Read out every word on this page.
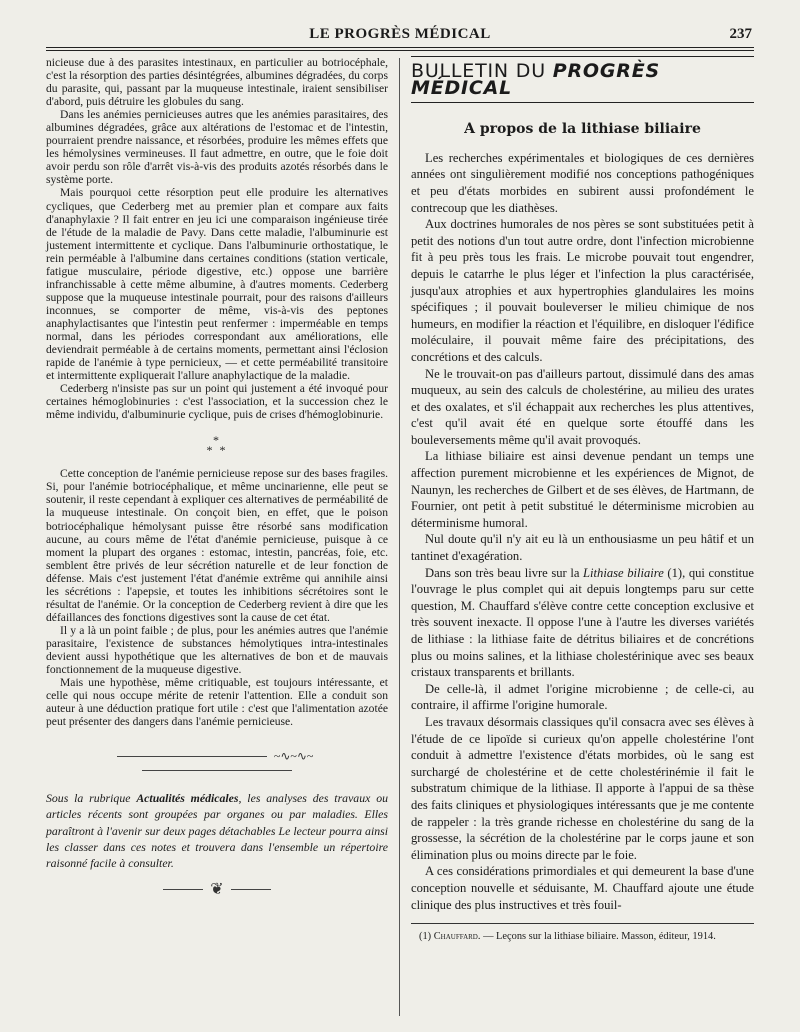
LE PROGRÈS MÉDICAL	237

nicieuse due à des parasites intestinaux, en particulier au botriocéphale, c'est la résorption des parties désintégrées, albumines dégradées, du corps du parasite, qui, passant par la muqueuse intestinale, iraient sensibiliser d'abord, puis détruire les globules du sang.

Dans les anémies pernicieuses autres que les anémies parasitaires, des albumines dégradées, grâce aux altérations de l'estomac et de l'intestin, pourraient prendre naissance, et résorbées, produire les mêmes effets que les hémolysines vermineuses. Il faut admettre, en outre, que le foie doit avoir perdu son rôle d'arrêt vis-à-vis des produits azotés résorbés dans le système porte.

Mais pourquoi cette résorption peut elle produire les alternatives cycliques, que Cederberg met au premier plan et compare aux faits d'anaphylaxie ? Il fait entrer en jeu ici une comparaison ingénieuse tirée de l'étude de la maladie de Pavy. Dans cette maladie, l'albuminurie est justement intermittente et cyclique. Dans l'albuminurie orthostatique, le rein perméable à l'albumine dans certaines conditions (station verticale, fatigue musculaire, période digestive, etc.) oppose une barrière infranchissable à cette même albumine, à d'autres moments. Cederberg suppose que la muqueuse intestinale pourrait, pour des raisons d'ailleurs inconnues, se comporter de même, vis-à-vis des peptones anaphylactisantes que l'intestin peut renfermer : imperméable en temps normal, dans les périodes correspondant aux améliorations, elle deviendrait perméable à de certains moments, permettant ainsi l'éclosion rapide de l'anémie à type pernicieux, — et cette perméabilité transitoire et intermittente expliquerait l'allure anaphylactique de la maladie.

Cederberg n'insiste pas sur un point qui justement a été invoqué pour certaines hémoglobinuries : c'est l'association, et la succession chez le même individu, d'albuminurie cyclique, puis de crises d'hémoglobinurie.

*
* *

Cette conception de l'anémie pernicieuse repose sur des bases fragiles. Si, pour l'anémie botriocéphalique, et même uncinarienne, elle peut se soutenir, il reste cependant à expliquer ces alternatives de perméabilité de la muqueuse intestinale. On conçoit bien, en effet, que le poison botriocéphalique hémolysant puisse être résorbé sans modification aucune, au cours même de l'état d'anémie pernicieuse, puisque à ce moment la plupart des organes : estomac, intestin, pancréas, foie, etc. semblent être privés de leur sécrétion naturelle et de leur fonction de défense. Mais c'est justement l'état d'anémie extrême qui annihile ainsi les sécrétions : l'apepsie, et toutes les inhibitions sécrétoires sont le résultat de l'anémie. Or la conception de Cederberg revient à dire que les défaillances des fonctions digestives sont la cause de cet état.

Il y a là un point faible ; de plus, pour les anémies autres que l'anémie parasitaire, l'existence de substances hémolytiques intra-intestinales devient aussi hypothétique que les alternatives de bon et de mauvais fonctionnement de la muqueuse digestive.

Mais une hypothèse, même critiquable, est toujours intéressante, et celle qui nous occupe mérite de retenir l'attention. Elle a conduit son auteur à une déduction pratique fort utile : c'est que l'alimentation azotée peut présenter des dangers dans l'anémie pernicieuse.

~∿~∿~
Sous la rubrique Actualités médicales, les analyses des travaux ou articles récents sont groupées par organes ou par maladies. Elles paraîtront à l'avenir sur deux pages détachables Le lecteur pourra ainsi les classer dans ces notes et trouvera dans l'ensemble un répertoire raisonné facile à consulter.
❦
BULLETIN DU PROGRÈS MÉDICAL
A propos de la lithiase biliaire

Les recherches expérimentales et biologiques de ces dernières années ont singulièrement modifié nos conceptions pathogéniques et peu d'états morbides en subirent aussi profondément le contrecoup que les diathèses.

Aux doctrines humorales de nos pères se sont substituées petit à petit des notions d'un tout autre ordre, dont l'infection microbienne fit à peu près tous les frais. Le microbe pouvait tout engendrer, depuis le catarrhe le plus léger et l'infection la plus caractérisée, jusqu'aux atrophies et aux hypertrophies glandulaires les moins spécifiques ; il pouvait bouleverser le milieu chimique de nos humeurs, en modifier la réaction et l'équilibre, en disloquer l'édifice moléculaire, il pouvait même faire des précipitations, des concrétions et des calculs.

Ne le trouvait-on pas d'ailleurs partout, dissimulé dans des amas muqueux, au sein des calculs de cholestérine, au milieu des urates et des oxalates, et s'il échappait aux recherches les plus attentives, c'est qu'il avait été en quelque sorte étouffé dans les bouleversements même qu'il avait provoqués.

La lithiase biliaire est ainsi devenue pendant un temps une affection purement microbienne et les expériences de Mignot, de Naunyn, les recherches de Gilbert et de ses élèves, de Hartmann, de Fournier, ont petit à petit substitué le déterminisme microbien au déterminisme humoral.

Nul doute qu'il n'y ait eu là un enthousiasme un peu hâtif et un tantinet d'exagération.

Dans son très beau livre sur la Lithiase biliaire (1), qui constitue l'ouvrage le plus complet qui ait depuis longtemps paru sur cette question, M. Chauffard s'élève contre cette conception exclusive et très souvent inexacte. Il oppose l'une à l'autre les diverses variétés de lithiase : la lithiase faite de détritus biliaires et de concrétions plus ou moins salines, et la lithiase cholestérinique avec ses beaux cristaux transparents et brillants.

De celle-là, il admet l'origine microbienne ; de celle-ci, au contraire, il affirme l'origine humorale.

Les travaux désormais classiques qu'il consacra avec ses élèves à l'étude de ce lipoïde si curieux qu'on appelle cholestérine l'ont conduit à admettre l'existence d'états morbides, où le sang est surchargé de cholestérine et de cette cholestérinémie il fait le substratum chimique de la lithiase. Il apporte à l'appui de sa thèse des faits cliniques et physiologiques intéressants que je me contente de rappeler : la très grande richesse en cholestérine du sang de la grossesse, la sécrétion de la cholestérine par le corps jaune et son élimination plus ou moins directe par le foie.

A ces considérations primordiales et qui demeurent la base d'une conception nouvelle et séduisante, M. Chauffard ajoute une étude clinique des plus instructives et très fouil-

(1) Chauffard. — Leçons sur la lithiase biliaire. Masson, éditeur, 1914.
